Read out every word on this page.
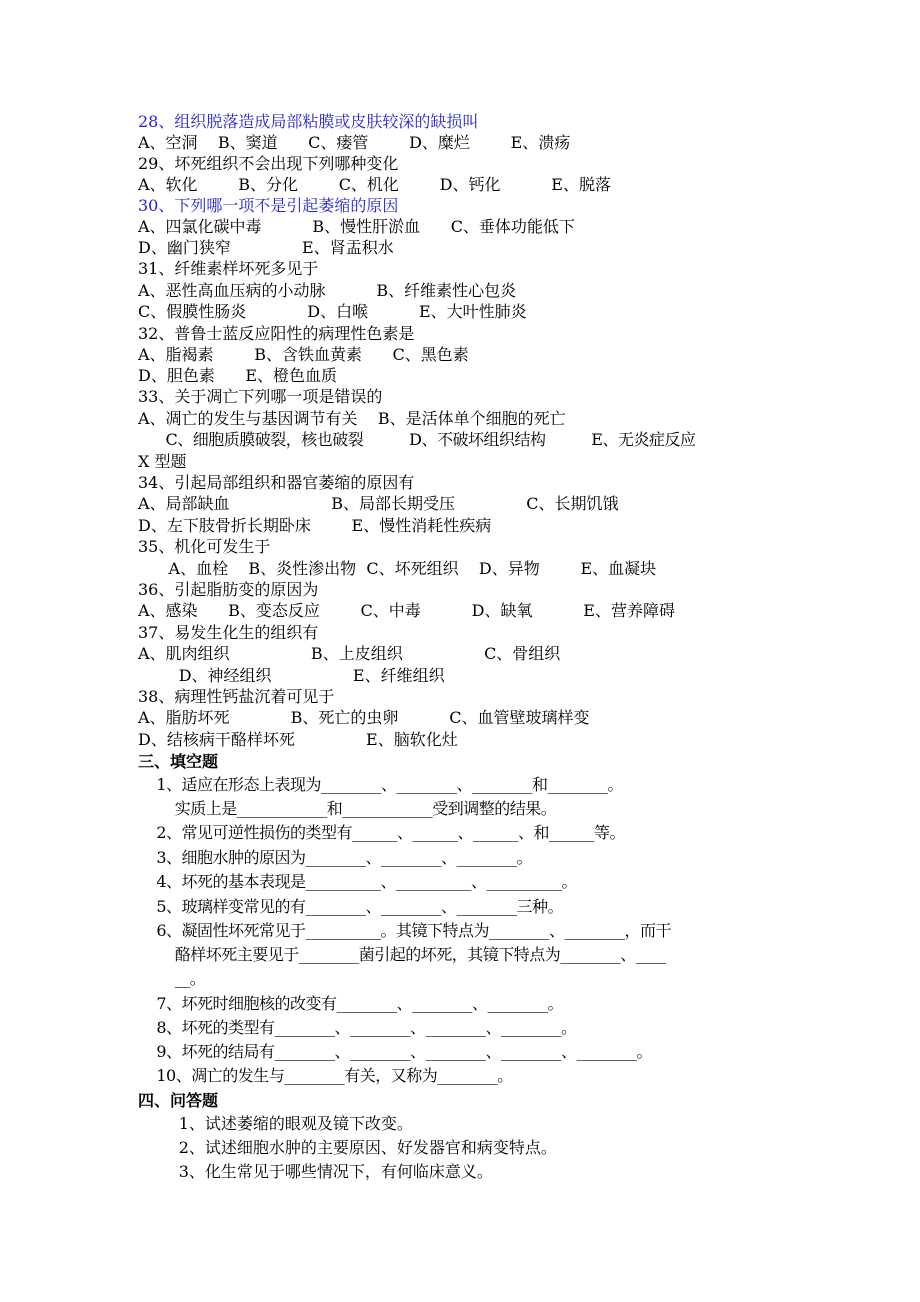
28、组织脱落造成局部粘膜或皮肤较深的缺损叫
A、空洞    B、窦道      C、瘘管        D、糜烂        E、溃疡
29、坏死组织不会出现下列哪种变化
A、软化        B、分化        C、机化        D、钙化          E、脱落
30、下列哪一项不是引起萎缩的原因
A、四氯化碳中毒          B、慢性肝淤血      C、垂体功能低下
D、幽门狭窄              E、肾盂积水
31、纤维素样坏死多见于
A、恶性高血压病的小动脉          B、纤维素性心包炎
C、假膜性肠炎            D、白喉          E、大叶性肺炎
32、普鲁士蓝反应阳性的病理性色素是
A、脂褐素        B、含铁血黄素      C、黑色素
D、胆色素      E、橙色血质
33、关于凋亡下列哪一项是错误的
A、凋亡的发生与基因调节有关    B、是活体单个细胞的死亡
C、细胞质膜破裂，核也破裂          D、不破坏组织结构          E、无炎症反应
X 型题
34、引起局部组织和器官萎缩的原因有
A、局部缺血                    B、局部长期受压              C、长期饥饿
D、左下肢骨折长期卧床        E、慢性消耗性疾病
35、机化可发生于
A、血栓    B、炎性渗出物  C、坏死组织    D、异物        E、血凝块
36、引起脂肪变的原因为
A、感染      B、变态反应        C、中毒          D、缺氧          E、营养障碍
37、易发生化生的组织有
A、肌肉组织                B、上皮组织                C、骨组织
D、神经组织                E、纤维组织
38、病理性钙盐沉着可见于
A、脂肪坏死            B、死亡的虫卵          C、血管壁玻璃样变
D、结核病干酪样坏死              E、脑软化灶
三、填空题
1、适应在形态上表现为________、________、________和________。
实质上是____________和____________受到调整的结果。
2、常见可逆性损伤的类型有______、______、______、和______等。
3、细胞水肿的原因为________、________、________。
4、坏死的基本表现是__________、__________、__________。
5、玻璃样变常见的有________、________、________三种。
6、凝固性坏死常见于__________。其镜下特点为________、________，而干
酪样坏死主要见于________菌引起的坏死，其镜下特点为________、____
__。
7、坏死时细胞核的改变有________、________、________。
8、坏死的类型有________、________、________、________。
9、坏死的结局有________、________、________、________、________。
10、凋亡的发生与________有关，又称为________。
四、问答题
1、试述萎缩的眼观及镜下改变。
2、试述细胞水肿的主要原因、好发器官和病变特点。
3、化生常见于哪些情况下，有何临床意义。
